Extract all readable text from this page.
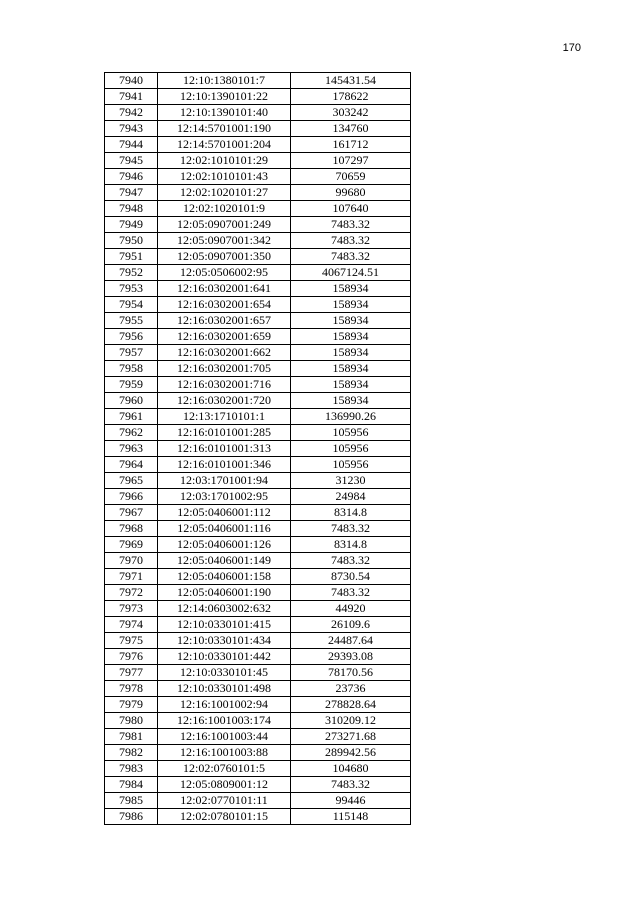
170
7940	12:10:1380101:7	145431.54
7941	12:10:1390101:22	178622
7942	12:10:1390101:40	303242
7943	12:14:5701001:190	134760
7944	12:14:5701001:204	161712
7945	12:02:1010101:29	107297
7946	12:02:1010101:43	70659
7947	12:02:1020101:27	99680
7948	12:02:1020101:9	107640
7949	12:05:0907001:249	7483.32
7950	12:05:0907001:342	7483.32
7951	12:05:0907001:350	7483.32
7952	12:05:0506002:95	4067124.51
7953	12:16:0302001:641	158934
7954	12:16:0302001:654	158934
7955	12:16:0302001:657	158934
7956	12:16:0302001:659	158934
7957	12:16:0302001:662	158934
7958	12:16:0302001:705	158934
7959	12:16:0302001:716	158934
7960	12:16:0302001:720	158934
7961	12:13:1710101:1	136990.26
7962	12:16:0101001:285	105956
7963	12:16:0101001:313	105956
7964	12:16:0101001:346	105956
7965	12:03:1701001:94	31230
7966	12:03:1701002:95	24984
7967	12:05:0406001:112	8314.8
7968	12:05:0406001:116	7483.32
7969	12:05:0406001:126	8314.8
7970	12:05:0406001:149	7483.32
7971	12:05:0406001:158	8730.54
7972	12:05:0406001:190	7483.32
7973	12:14:0603002:632	44920
7974	12:10:0330101:415	26109.6
7975	12:10:0330101:434	24487.64
7976	12:10:0330101:442	29393.08
7977	12:10:0330101:45	78170.56
7978	12:10:0330101:498	23736
7979	12:16:1001002:94	278828.64
7980	12:16:1001003:174	310209.12
7981	12:16:1001003:44	273271.68
7982	12:16:1001003:88	289942.56
7983	12:02:0760101:5	104680
7984	12:05:0809001:12	7483.32
7985	12:02:0770101:11	99446
7986	12:02:0780101:15	115148
